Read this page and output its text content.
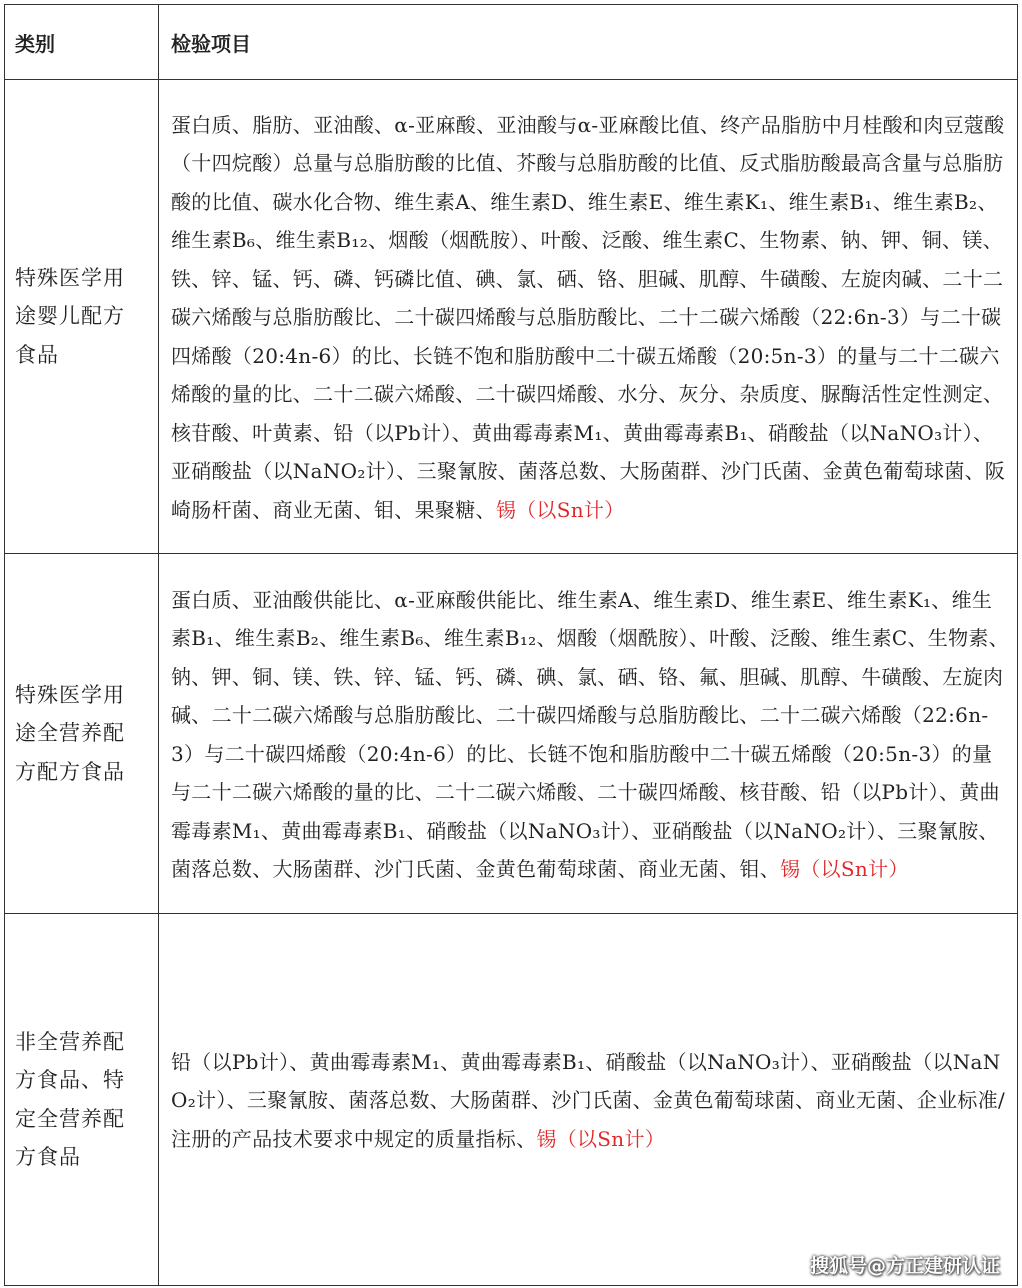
类别	检验项目
特殊医学用途婴儿配方食品	蛋白质、脂肪、亚油酸、α-亚麻酸、亚油酸与α-亚麻酸比值、终产品脂肪中月桂酸和肉豆蔻酸（十四烷酸）总量与总脂肪酸的比值、芥酸与总脂肪酸的比值、反式脂肪酸最高含量与总脂肪酸的比值、碳水化合物、维生素A、维生素D、维生素E、维生素K₁、维生素B₁、维生素B₂、维生素B₆、维生素B₁₂、烟酸（烟酰胺）、叶酸、泛酸、维生素C、生物素、钠、钾、铜、镁、铁、锌、锰、钙、磷、钙磷比值、碘、氯、硒、铬、胆碱、肌醇、牛磺酸、左旋肉碱、二十二碳六烯酸与总脂肪酸比、二十碳四烯酸与总脂肪酸比、二十二碳六烯酸（22:6n-3）与二十碳四烯酸（20:4n-6）的比、长链不饱和脂肪酸中二十碳五烯酸（20:5n-3）的量与二十二碳六烯酸的量的比、二十二碳六烯酸、二十碳四烯酸、水分、灰分、杂质度、脲酶活性定性测定、核苷酸、叶黄素、铅（以Pb计）、黄曲霉毒素M₁、黄曲霉毒素B₁、硝酸盐（以NaNO₃计）、亚硝酸盐（以NaNO₂计）、三聚氰胺、菌落总数、大肠菌群、沙门氏菌、金黄色葡萄球菌、阪崎肠杆菌、商业无菌、钼、果聚糖、锡（以Sn计）
特殊医学用途全营养配方配方食品	蛋白质、亚油酸供能比、α-亚麻酸供能比、维生素A、维生素D、维生素E、维生素K₁、维生素B₁、维生素B₂、维生素B₆、维生素B₁₂、烟酸（烟酰胺）、叶酸、泛酸、维生素C、生物素、钠、钾、铜、镁、铁、锌、锰、钙、磷、碘、氯、硒、铬、氟、胆碱、肌醇、牛磺酸、左旋肉碱、二十二碳六烯酸与总脂肪酸比、二十碳四烯酸与总脂肪酸比、二十二碳六烯酸（22:6n-3）与二十碳四烯酸（20:4n-6）的比、长链不饱和脂肪酸中二十碳五烯酸（20:5n-3）的量与二十二碳六烯酸的量的比、二十二碳六烯酸、二十碳四烯酸、核苷酸、铅（以Pb计）、黄曲霉毒素M₁、黄曲霉毒素B₁、硝酸盐（以NaNO₃计）、亚硝酸盐（以NaNO₂计）、三聚氰胺、菌落总数、大肠菌群、沙门氏菌、金黄色葡萄球菌、商业无菌、钼、锡（以Sn计）
非全营养配方食品、特定全营养配方食品	铅（以Pb计）、黄曲霉毒素M₁、黄曲霉毒素B₁、硝酸盐（以NaNO₃计）、亚硝酸盐（以NaNO₂计）、三聚氰胺、菌落总数、大肠菌群、沙门氏菌、金黄色葡萄球菌、商业无菌、企业标准/注册的产品技术要求中规定的质量指标、锡（以Sn计）
搜狐号@方正建研认证
